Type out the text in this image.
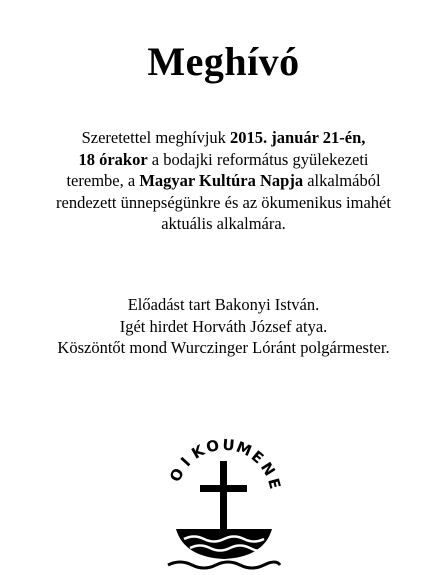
Meghívó
Szeretettel meghívjuk 2015. január 21-én,
18 órakor a bodajki református gyülekezeti
terembe, a Magyar Kultúra Napja alkalmából
rendezett ünnepségünkre és az ökumenikus imahét
aktuális alkalmára.
Előadást tart Bakonyi István.
Igét hirdet Horváth József atya.
Köszöntőt mond Wurczinger Lóránt polgármester.
O
I
K
O U
M
E
N
E
